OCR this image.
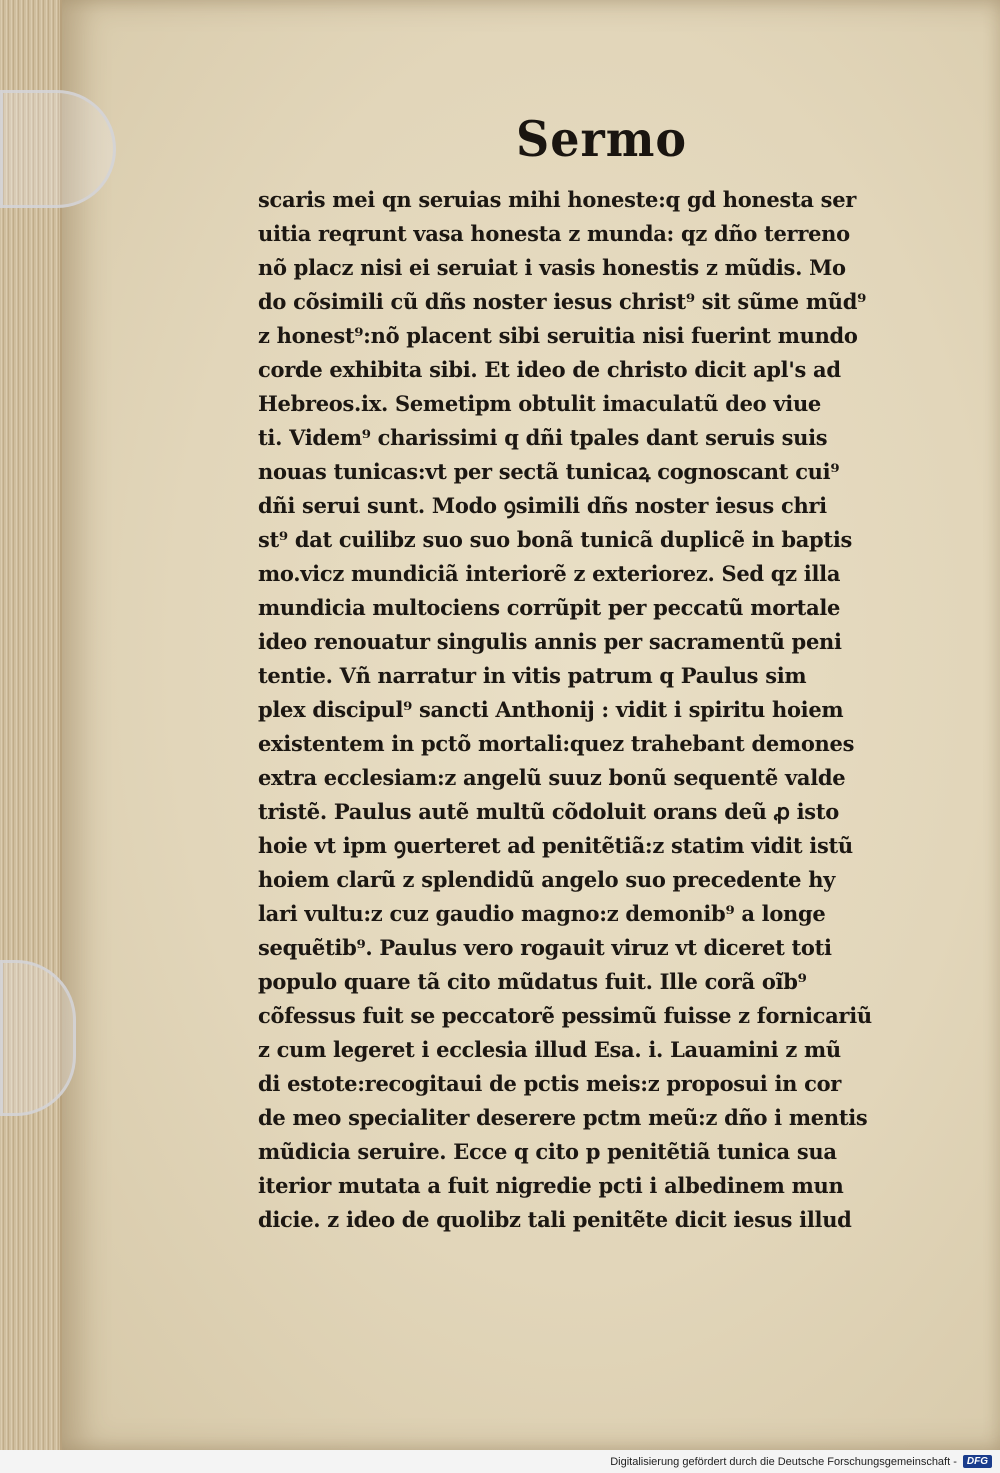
Sermo
scaris mei qn seruias mihi honeste:q gd honesta ser
uitia reqrunt vasa honesta z munda: qz dño terreno
nõ placz nisi ei seruiat i vasis honestis z mũdis. Mo
do cõsimili cũ dñs noster iesus christ⁹ sit sũme mũd⁹
z honest⁹:nõ placent sibi seruitia nisi fuerint mundo
corde exhibita sibi. Et ideo de christo dicit apl's ad
Hebreos.ix. Semetipm obtulit imaculatũ deo viue
ti. Videm⁹ charissimi q dñi tpales dant seruis suis
nouas tunicas:vt per sectã tunicaꝝ cognoscant cui⁹
dñi serui sunt. Modo ꝯsimili dñs noster iesus chri
st⁹ dat cuilibz suo suo bonã tunicã duplicẽ in baptis
mo.vicz mundiciã interiorẽ z exteriorez. Sed qz illa
mundicia multociens corrũpit per peccatũ mortale
ideo renouatur singulis annis per sacramentũ peni
tentie. Vñ narratur in vitis patrum q Paulus sim
plex discipul⁹ sancti Anthonij : vidit i spiritu hoiem
existentem in pctõ mortali:quez trahebant demones
extra ecclesiam:z angelũ suuz bonũ sequentẽ valde
tristẽ. Paulus autẽ multũ cõdoluit orans deũ ꝓ isto
hoie vt ipm ꝯuerteret ad penitẽtiã:z statim vidit istũ
hoiem clarũ z splendidũ angelo suo precedente hy
lari vultu:z cuz gaudio magno:z demonib⁹ a longe
sequẽtib⁹. Paulus vero rogauit viruz vt diceret toti
populo quare tã cito mũdatus fuit. Ille corã oĩb⁹
cõfessus fuit se peccatorẽ pessimũ fuisse z fornicariũ
z cum legeret i ecclesia illud Esa. i. Lauamini z mũ
di estote:recogitaui de pctis meis:z proposui in cor
de meo specialiter deserere pctm meũ:z dño i mentis
mũdicia seruire. Ecce q cito p penitẽtiã tunica sua
iterior mutata a fuit nigredie pcti i albedinem mun
dicie. z ideo de quolibz tali penitẽte dicit iesus illud
Digitalisierung gefördert durch die Deutsche Forschungsgemeinschaft -	DFG
